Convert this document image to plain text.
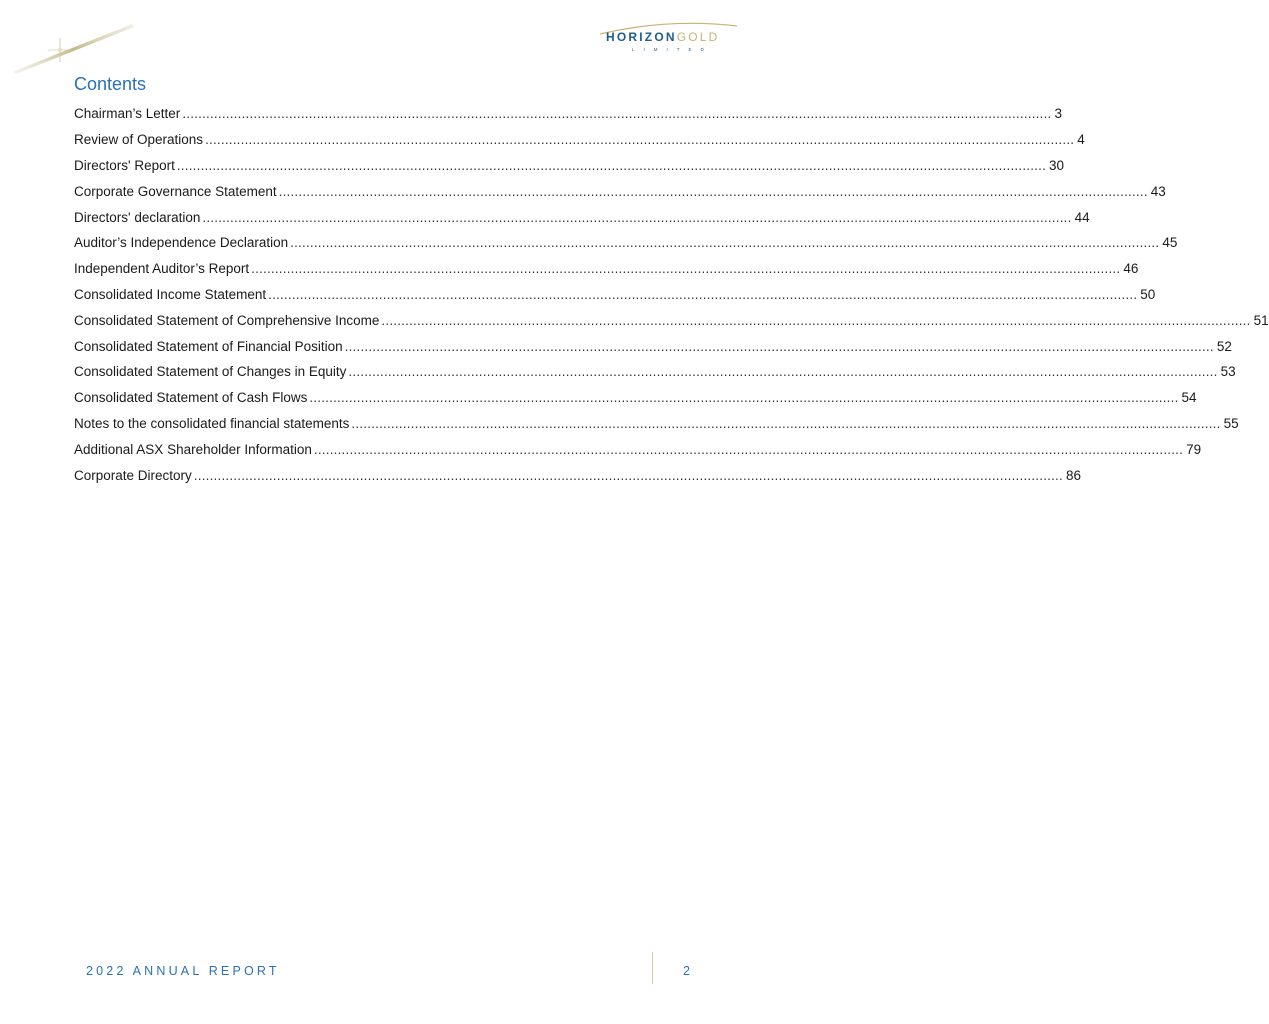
HORIZONGOLD
LIMITED
Contents
Chairman’s Letter ............................................................................................................................................................................................................................ 3
Review of Operations ............................................................................................................................................................................................................................ 4
Directors' Report ............................................................................................................................................................................................................................ 30
Corporate Governance Statement ............................................................................................................................................................................................................................ 43
Directors' declaration ............................................................................................................................................................................................................................ 44
Auditor’s Independence Declaration ............................................................................................................................................................................................................................ 45
Independent Auditor’s Report ............................................................................................................................................................................................................................ 46
Consolidated Income Statement ............................................................................................................................................................................................................................ 50
Consolidated Statement of Comprehensive Income ............................................................................................................................................................................................................................ 51
Consolidated Statement of Financial Position ............................................................................................................................................................................................................................ 52
Consolidated Statement of Changes in Equity ............................................................................................................................................................................................................................ 53
Consolidated Statement of Cash Flows ............................................................................................................................................................................................................................ 54
Notes to the consolidated financial statements ............................................................................................................................................................................................................................ 55
Additional ASX Shareholder Information ............................................................................................................................................................................................................................ 79
Corporate Directory ............................................................................................................................................................................................................................ 86
2022 ANNUAL REPORT	2
